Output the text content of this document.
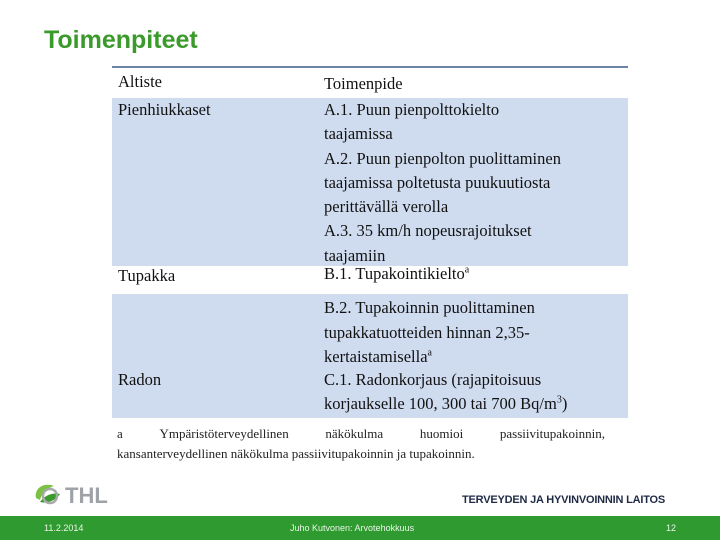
Toimenpiteet
Altiste	Toimenpide
Pienhiukkaset	A.1. Puun pienpolttokielto
taajamissa
A.2. Puun pienpolton puolittaminen
taajamissa poltetusta puukuutiosta
perittävällä verolla
A.3. 35 km/h nopeusrajoitukset
taajamiin
Tupakka	B.1. Tupakointikielto$^a$
B.2. Tupakoinnin puolittaminen
tupakkatuotteiden hinnan 2,35-
kertaistamisella$^a$
Radon	C.1. Radonkorjaus (rajapitoisuus
korjaukselle 100, 300 tai 700 $Bq/m^3$)
a	Ympäristöterveydellinen	näkökulma	huomioi	passiivitupakoinnin,
kansanterveydellinen näkökulma passiivitupakoinnin ja tupakoinnin.
THL	TERVEYDEN JA HYVINVOINNIN LAITOS
11.2.2014	Juho Kutvonen: Arvotehokkuus	12
